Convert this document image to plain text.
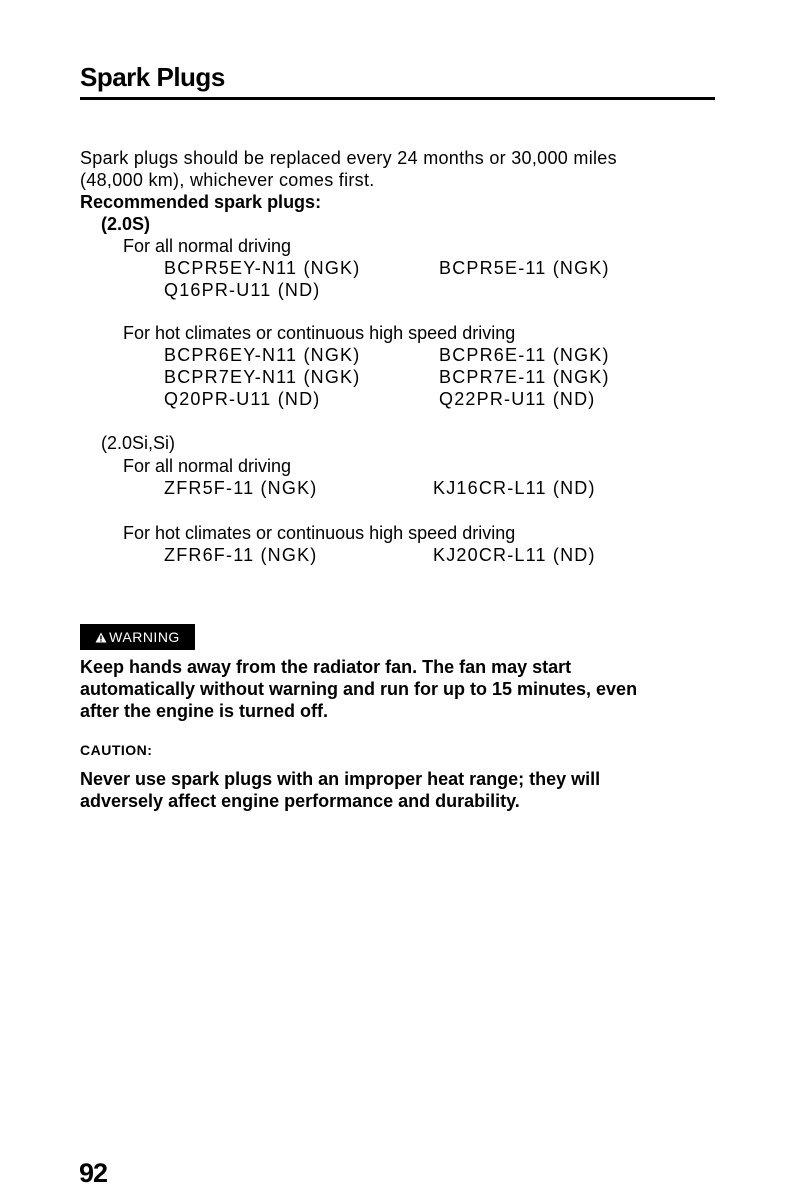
Spark Plugs
Spark plugs should be replaced every 24 months or 30,000 miles
(48,000 km), whichever comes first.
Recommended spark plugs:
(2.0S)
For all normal driving
BCPR5EY-N11 (NGK)	BCPR5E-11 (NGK)
Q16PR-U11 (ND)
For hot climates or continuous high speed driving
BCPR6EY-N11 (NGK)	BCPR6E-11 (NGK)
BCPR7EY-N11 (NGK)	BCPR7E-11 (NGK)
Q20PR-U11 (ND)	Q22PR-U11 (ND)
(2.0Si,Si)
For all normal driving
ZFR5F-11 (NGK)	KJ16CR-L11 (ND)
For hot climates or continuous high speed driving
ZFR6F-11 (NGK)	KJ20CR-L11 (ND)
WARNING
Keep hands away from the radiator fan. The fan may start
automatically without warning and run for up to 15 minutes, even
after the engine is turned off.
CAUTION:
Never use spark plugs with an improper heat range; they will
adversely affect engine performance and durability.
92
